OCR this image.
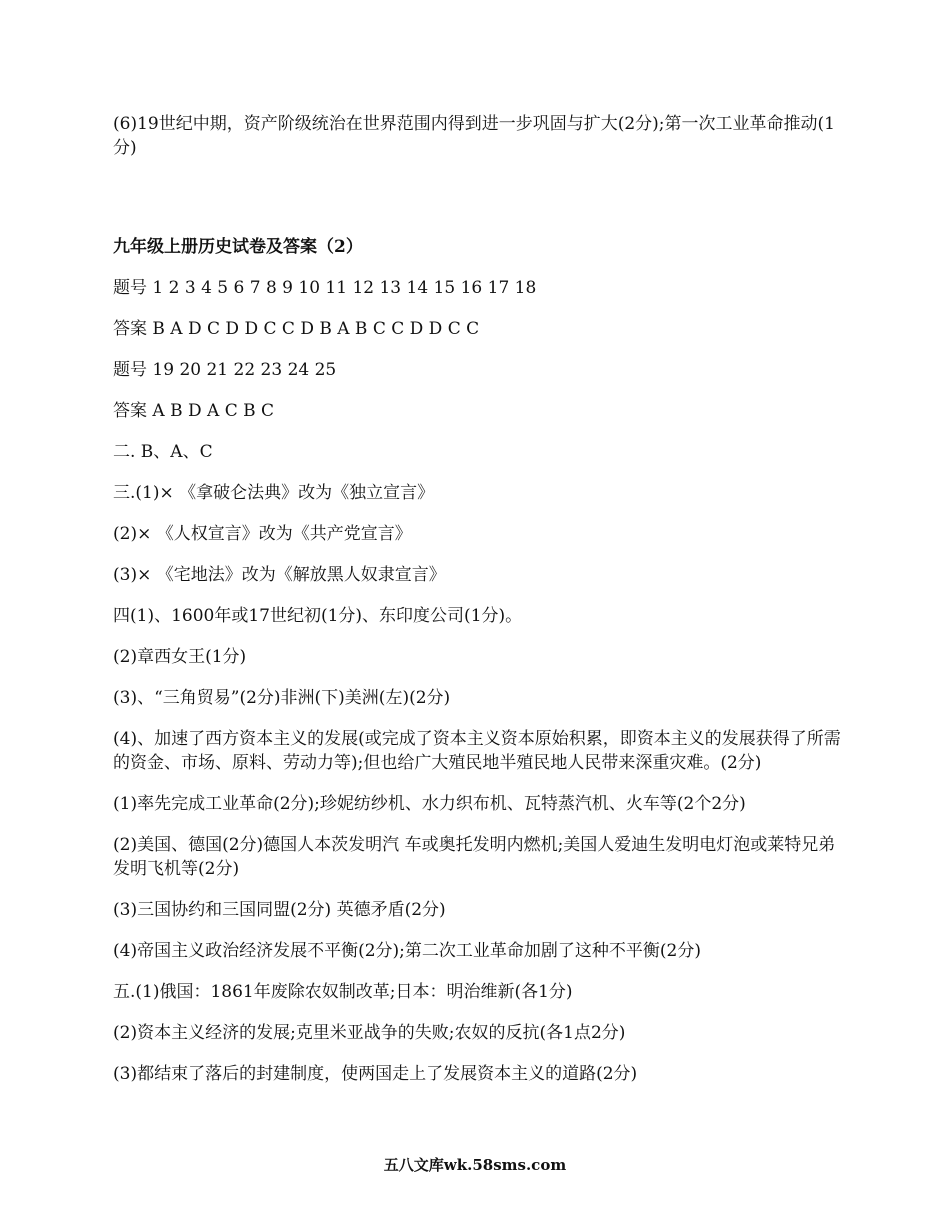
(6)19世纪中期，资产阶级统治在世界范围内得到进一步巩固与扩大(2分);第一次工业革命推动(1分)

九年级上册历史试卷及答案（2）

题号 1 2 3 4 5 6 7 8 9 10 11 12 13 14 15 16 17 18

答案 B A D C D D C C D B A B C C D D C C

题号 19 20 21 22 23 24 25

答案 A B D A C B C

二. B、A、C

三.(1)× 《拿破仑法典》改为《独立宣言》

(2)× 《人权宣言》改为《共产党宣言》

(3)× 《宅地法》改为《解放黑人奴隶宣言》

四(1)、1600年或17世纪初(1分)、东印度公司(1分)。

(2)章西女王(1分)

(3)、“三角贸易”(2分)非洲(下)美洲(左)(2分)

(4)、加速了西方资本主义的发展(或完成了资本主义资本原始积累，即资本主义的发展获得了所需的资金、市场、原料、劳动力等);但也给广大殖民地半殖民地人民带来深重灾难。(2分)

(1)率先完成工业革命(2分);珍妮纺纱机、水力织布机、瓦特蒸汽机、火车等(2个2分)

(2)美国、德国(2分)德国人本茨发明汽 车或奥托发明内燃机;美国人爱迪生发明电灯泡或莱特兄弟发明飞机等(2分)

(3)三国协约和三国同盟(2分) 英德矛盾(2分)

(4)帝国主义政治经济发展不平衡(2分);第二次工业革命加剧了这种不平衡(2分)

五.(1)俄国：1861年废除农奴制改革;日本：明治维新(各1分)

(2)资本主义经济的发展;克里米亚战争的失败;农奴的反抗(各1点2分)

(3)都结束了落后的封建制度，使两国走上了发展资本主义的道路(2分)

五八文库wk.58sms.com
